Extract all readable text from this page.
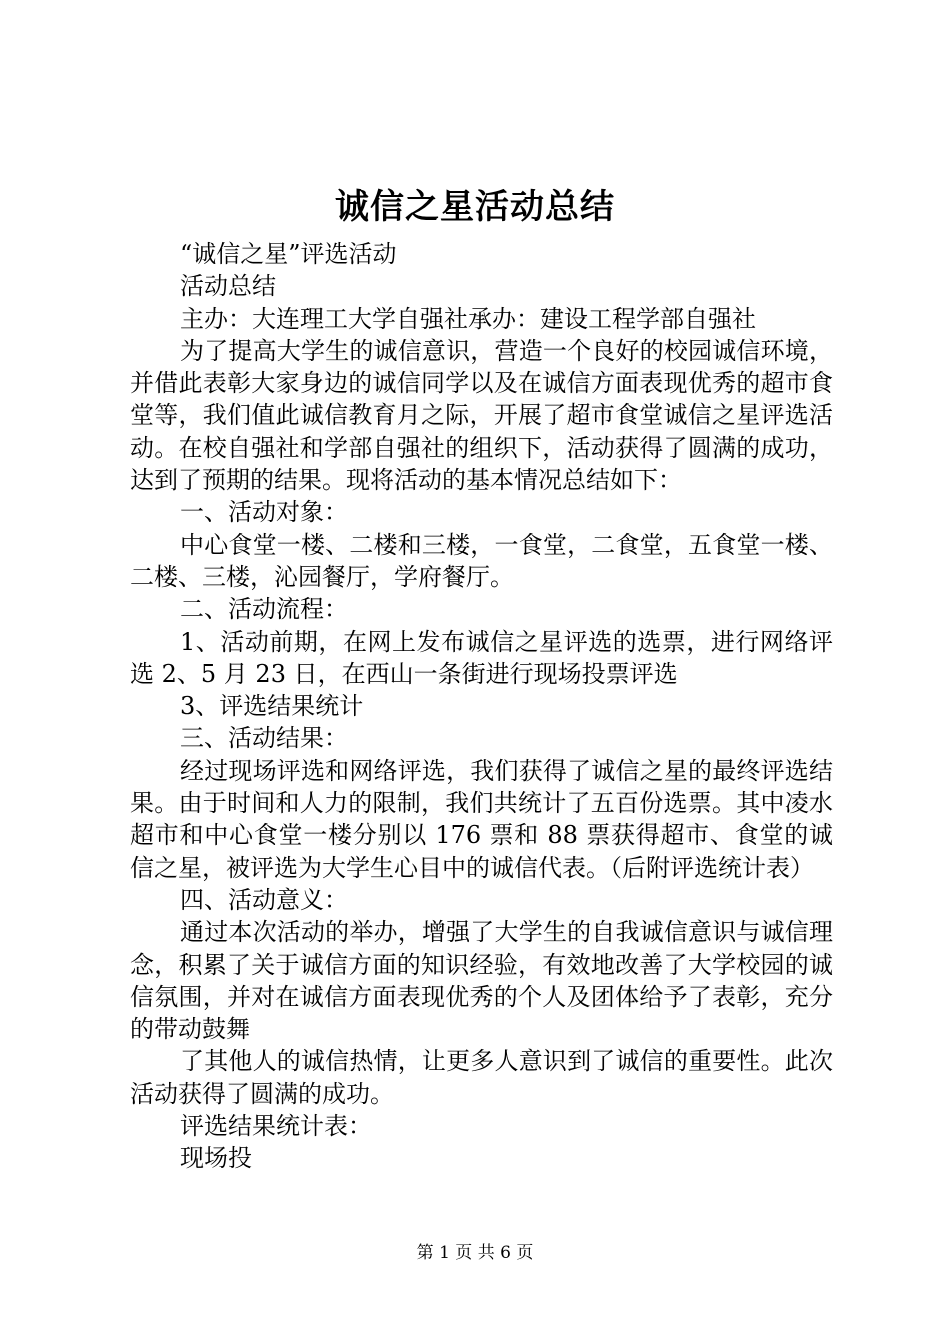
诚信之星活动总结

“诚信之星”评选活动

活动总结

主办：大连理工大学自强社承办：建设工程学部自强社

为了提高大学生的诚信意识，营造一个良好的校园诚信环境，并借此表彰大家身边的诚信同学以及在诚信方面表现优秀的超市食堂等，我们值此诚信教育月之际，开展了超市食堂诚信之星评选活动。在校自强社和学部自强社的组织下，活动获得了圆满的成功，达到了预期的结果。现将活动的基本情况总结如下：

一、活动对象：

中心食堂一楼、二楼和三楼，一食堂，二食堂，五食堂一楼、二楼、三楼，沁园餐厅，学府餐厅。

二、活动流程：

1、活动前期，在网上发布诚信之星评选的选票，进行网络评选 2、5 月 23 日，在西山一条街进行现场投票评选

3、评选结果统计

三、活动结果：

经过现场评选和网络评选，我们获得了诚信之星的最终评选结果。由于时间和人力的限制，我们共统计了五百份选票。其中凌水超市和中心食堂一楼分别以 176 票和 88 票获得超市、食堂的诚信之星，被评选为大学生心目中的诚信代表。（后附评选统计表）

四、活动意义：

通过本次活动的举办，增强了大学生的自我诚信意识与诚信理念，积累了关于诚信方面的知识经验，有效地改善了大学校园的诚信氛围，并对在诚信方面表现优秀的个人及团体给予了表彰，充分的带动鼓舞

了其他人的诚信热情，让更多人意识到了诚信的重要性。此次活动获得了圆满的成功。

评选结果统计表：

现场投

第 1 页 共 6 页
